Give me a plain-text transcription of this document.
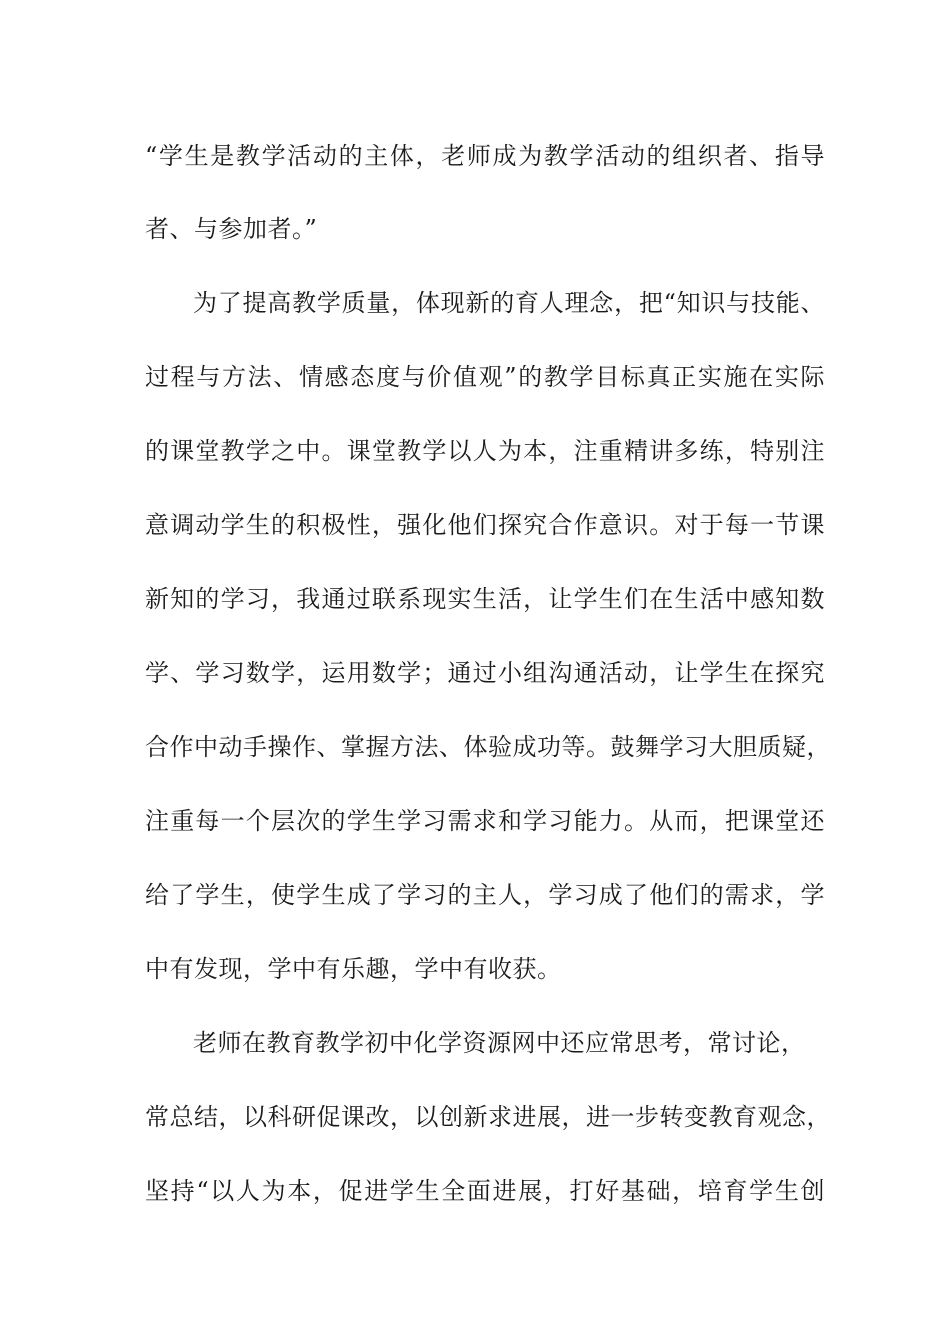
“学生是教学活动的主体，老师成为教学活动的组织者、指导
者、与参加者。”
为了提高教学质量，体现新的育人理念，把“知识与技能、
过程与方法、情感态度与价值观”的教学目标真正实施在实际
的课堂教学之中。课堂教学以人为本，注重精讲多练，特别注
意调动学生的积极性，强化他们探究合作意识。对于每一节课
新知的学习，我通过联系现实生活，让学生们在生活中感知数
学、学习数学，运用数学；通过小组沟通活动，让学生在探究
合作中动手操作、掌握方法、体验成功等。鼓舞学习大胆质疑，
注重每一个层次的学生学习需求和学习能力。从而，把课堂还
给了学生，使学生成了学习的主人，学习成了他们的需求，学
中有发现，学中有乐趣，学中有收获。
老师在教育教学初中化学资源网中还应常思考，常讨论，
常总结，以科研促课改，以创新求进展，进一步转变教育观念，
坚持“以人为本，促进学生全面进展，打好基础，培育学生创
